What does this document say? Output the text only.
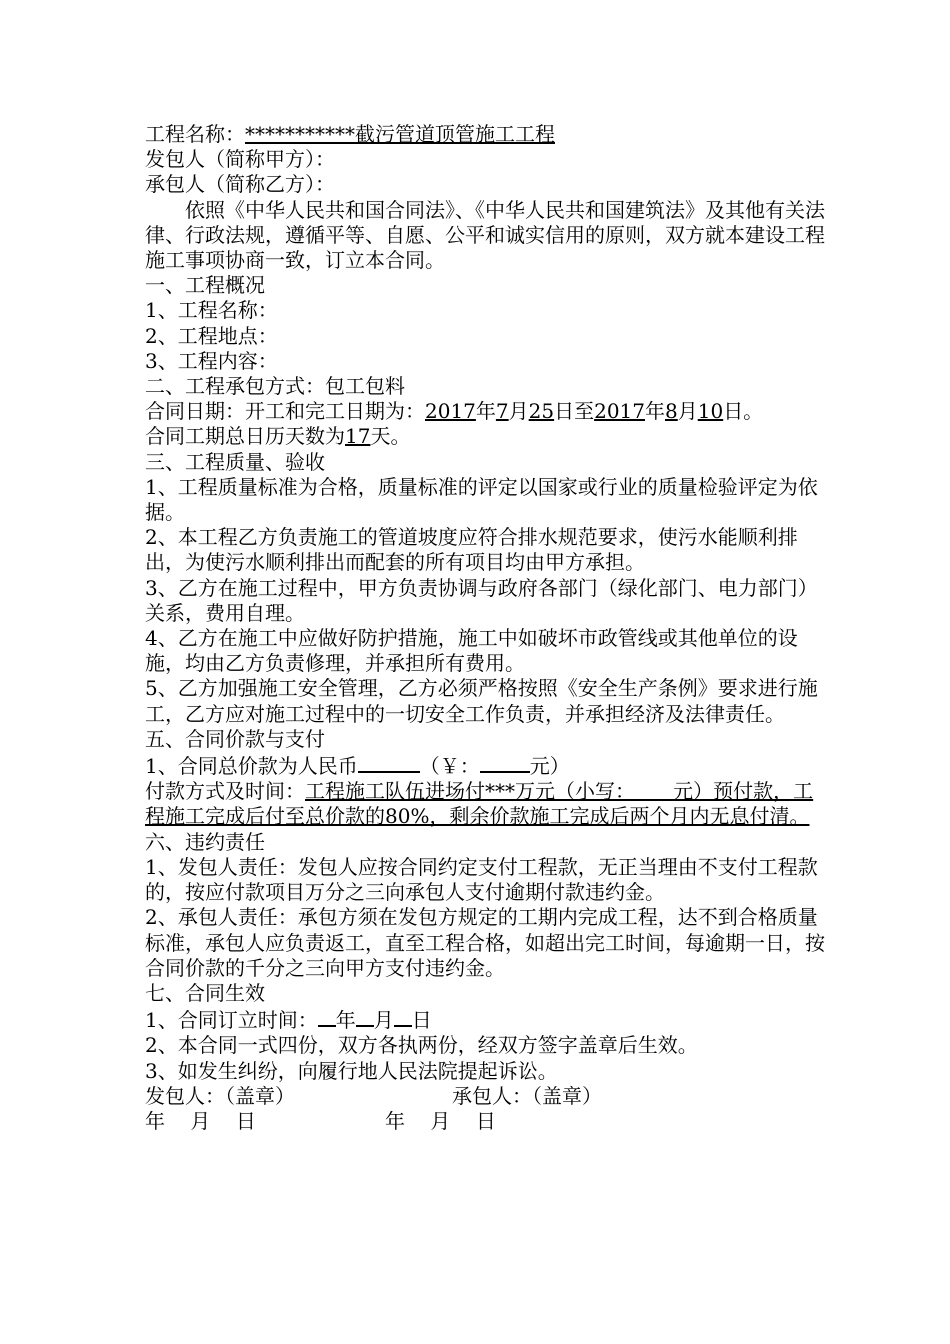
工程名称：***********截污管道顶管施工工程
发包人（简称甲方）：
承包人（简称乙方）：
依照《中华人民共和国合同法》、《中华人民共和国建筑法》及其他有关法律、行政法规，遵循平等、自愿、公平和诚实信用的原则，双方就本建设工程施工事项协商一致，订立本合同。
一、工程概况
1、工程名称：
2、工程地点：
3、工程内容：
二、工程承包方式：包工包料
合同日期：开工和完工日期为：2017年7月25日至2017年8月10日。
合同工期总日历天数为17天。
三、工程质量、验收
1、工程质量标准为合格，质量标准的评定以国家或行业的质量检验评定为依据。
2、本工程乙方负责施工的管道坡度应符合排水规范要求，使污水能顺利排出，为使污水顺利排出而配套的所有项目均由甲方承担。
3、乙方在施工过程中，甲方负责协调与政府各部门（绿化部门、电力部门）关系，费用自理。
4、乙方在施工中应做好防护措施，施工中如破坏市政管线或其他单位的设施，均由乙方负责修理，并承担所有费用。
5、乙方加强施工安全管理，乙方必须严格按照《安全生产条例》要求进行施工，乙方应对施工过程中的一切安全工作负责，并承担经济及法律责任。
五、合同价款与支付
1、合同总价款为人民币	（￥：	元）
付款方式及时间：工程施工队伍进场付***万元（小写：      元）预付款，工程施工完成后付至总价款的80%，剩余价款施工完成后两个月内无息付清。
六、违约责任
1、发包人责任：发包人应按合同约定支付工程款，无正当理由不支付工程款的，按应付款项目万分之三向承包人支付逾期付款违约金。
2、承包人责任：承包方须在发包方规定的工期内完成工程，达不到合格质量标准，承包人应负责返工，直至工程合格，如超出完工时间，每逾期一日，按合同价款的千分之三向甲方支付违约金。
七、合同生效
1、合同订立时间： 年 月 日
2、本合同一式四份，双方各执两份，经双方签字盖章后生效。
3、如发生纠纷，向履行地人民法院提起诉讼。
发包人：（盖章）	承包人：（盖章）
年    月    日	年    月    日
